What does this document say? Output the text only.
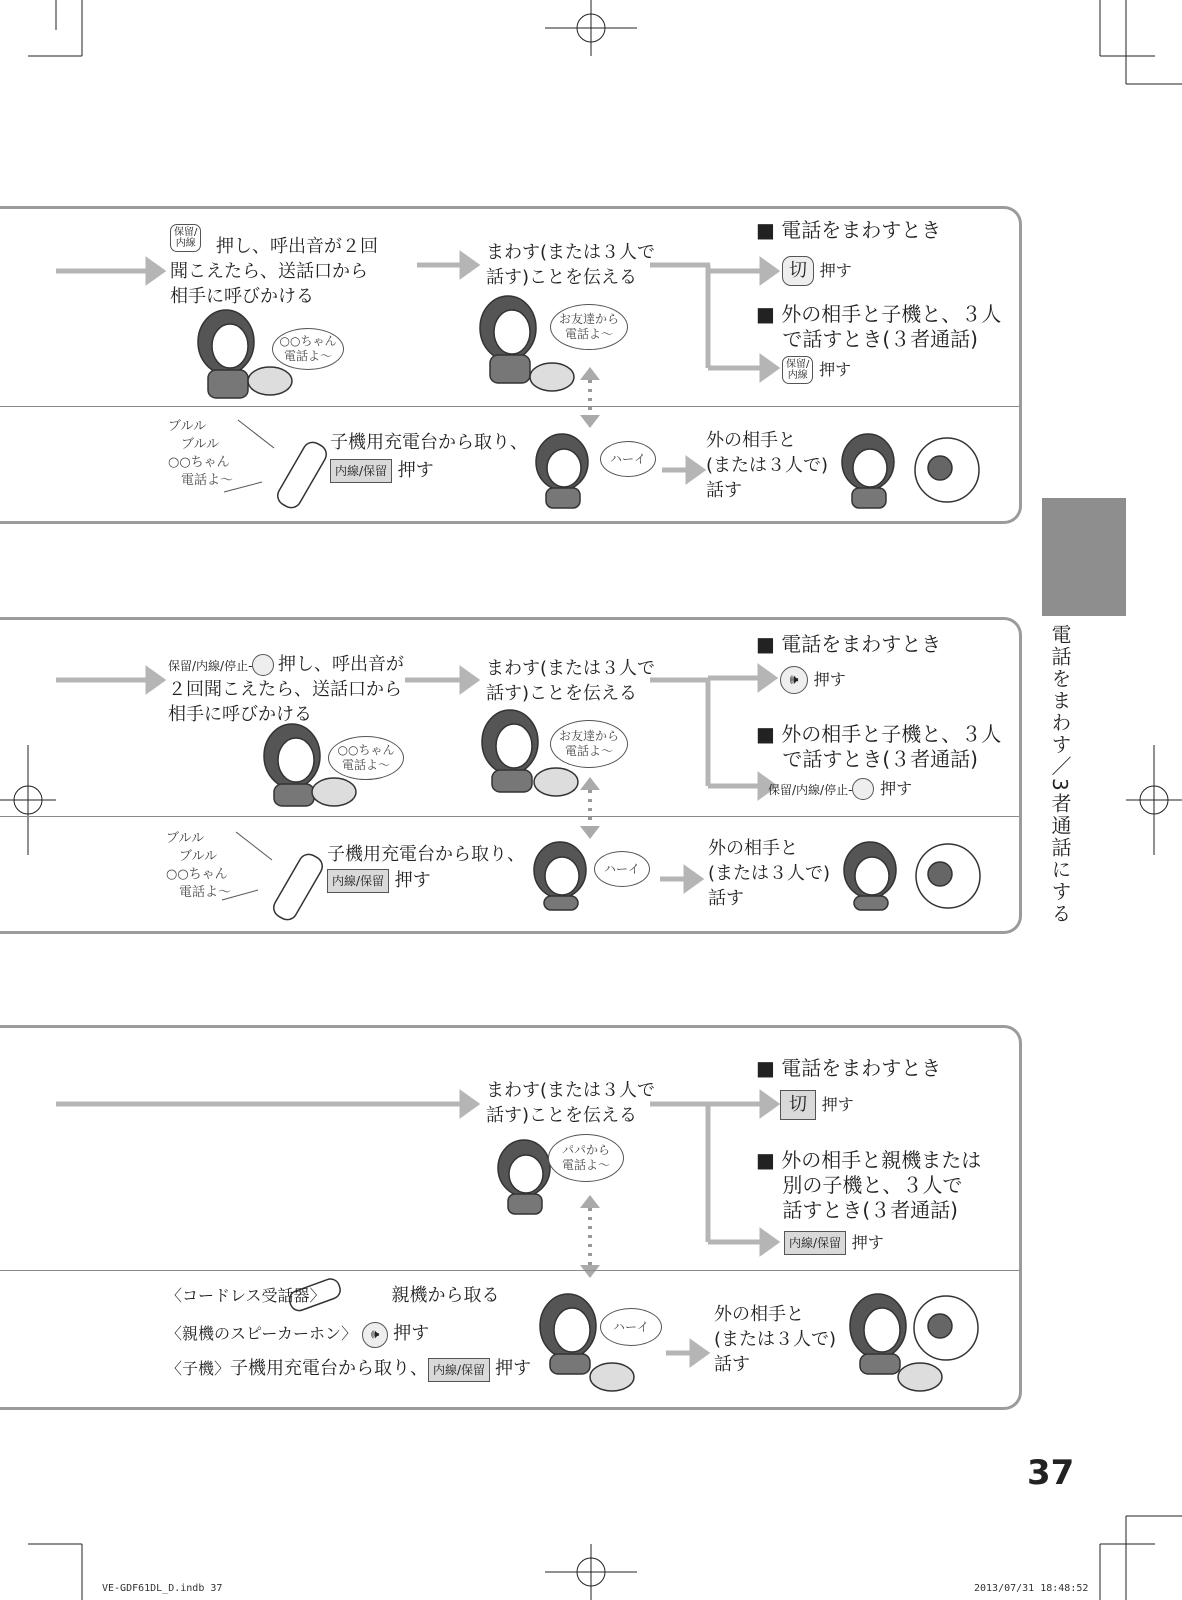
保留/
内線	押し、呼出音が２回
聞こえたら、送話口から
相手に呼びかける
○○ちゃん
電話よ〜
まわす(または３人で
話す)ことを伝える
お友達から
電話よ〜
■ 電話をまわすとき
切 押す
■ 外の相手と子機と、３人
　 で話すとき(３者通話)
保留/
内線 押す
ブルル
　ブルル
○○ちゃん
　電話よ〜
子機用充電台から取り、
内線/保留 押す
ハーイ
外の相手と
(または３人で)
話す
保留/内線/停止-	押し、呼出音が
２回聞こえたら、送話口から
相手に呼びかける
○○ちゃん
電話よ〜
まわす(または３人で
話す)ことを伝える
お友達から
電話よ〜
■ 電話をまわすとき
🕪 押す
■ 外の相手と子機と、３人
　 で話すとき(３者通話)
保留/内線/停止- 押す
ブルル
　ブルル
○○ちゃん
　電話よ〜
子機用充電台から取り、
内線/保留 押す
ハーイ
外の相手と
(または３人で)
話す
まわす(または３人で
話す)ことを伝える
パパから
電話よ〜
■ 電話をまわすとき
切 押す
■ 外の相手と親機または
　 別の子機と、３人で
　 話すとき(３者通話)
内線/保留 押す
〈コードレス受話器〉	親機から取る
〈親機のスピーカーホン〉 🕪 押す
〈子機〉子機用充電台から取り、 内線/保留 押す
ハーイ
外の相手と
(または３人で)
話す
電話をまわす／3者通話にする
37
VE-GDF61DL_D.indb 37	2013/07/31 18:48:52
